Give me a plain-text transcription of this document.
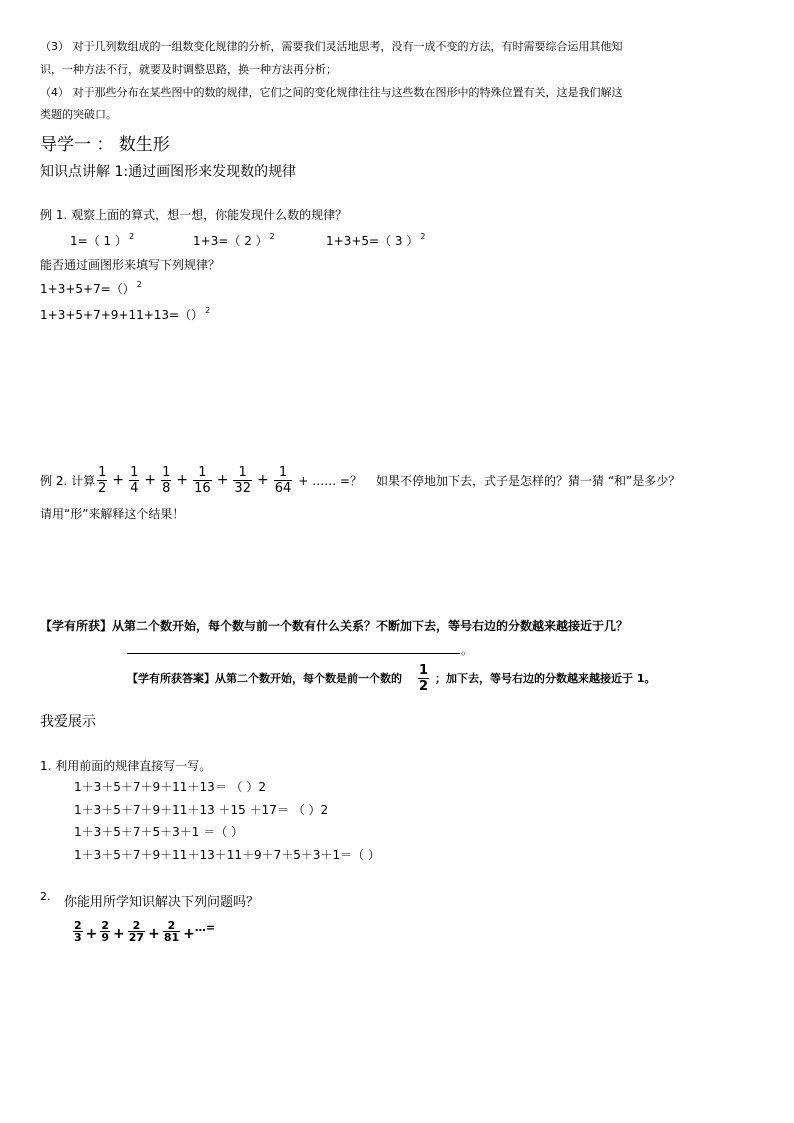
（3） 对于几列数组成的一组数变化规律的分析，需要我们灵活地思考，没有一成不变的方法，有时需要综合运用其他知
识，一种方法不行，就要及时调整思路，换一种方法再分析；
（4） 对于那些分布在某些图中的数的规律，它们之间的变化规律往往与这些数在图形中的特殊位置有关，这是我们解这
类题的突破口。
导学一 ： 数生形
知识点讲解 1:通过画图形来发现数的规律
例 1. 观察上面的算式，想一想，你能发现什么数的规律？
1=（ 1 ） $^2$	1+3=（ 2 ） $^2$	1+3+5=（ 3 ） $^2$
能否通过画图形来填写下列规律？
1+3+5+7=（） $^2$
1+3+5+7+9+11+13=（） $^2$
例 2. 计算 $\frac{1}{2} + \frac{1}{4} + \frac{1}{8} + \frac{1}{16} + \frac{1}{32} + \frac{1}{64}$ + …… =？ 如果不停地加下去，式子是怎样的？猜一猜 “和”是多少？
请用“形”来解释这个结果！
【学有所获】从第二个数开始，每个数与前一个数有什么关系？不断加下去，等号右边的分数越来越接近于几？
。
【学有所获答案】从第二个数开始，每个数是前一个数的 $\frac{1}{2}$ ；加下去，等号右边的分数越来越接近于 1。
我爱展示
1. 利用前面的规律直接写一写。
1＋3＋5＋7＋9＋11＋13＝ （ ）2
1＋3＋5＋7＋9＋11＋13 ＋15 ＋17＝ （ ）2
1＋3＋5＋7＋5＋3＋1 ＝（ ）
1＋3＋5＋7＋9＋11＋13＋11＋9＋7＋5＋3＋1＝（ ）
2. 你能用所学知识解决下列问题吗？
2
$3 + \frac{2}{9} + \frac{2}{27} + \frac{2}{81}$ + …=
